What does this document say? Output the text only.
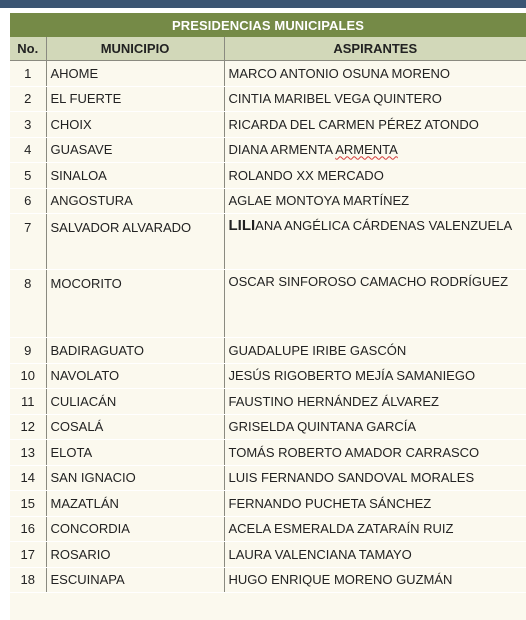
PRESIDENCIAS MUNICIPALES		
No.	MUNICIPIO	ASPIRANTES
1	AHOME	MARCO ANTONIO OSUNA MORENO
2	EL FUERTE	CINTIA MARIBEL VEGA QUINTERO
3	CHOIX	RICARDA DEL CARMEN PÉREZ ATONDO
4	GUASAVE	DIANA ARMENTA ARMENTA
5	SINALOA	ROLANDO XX MERCADO
6	ANGOSTURA	AGLAE MONTOYA MARTÍNEZ
7	SALVADOR ALVARADO	LILIANA ANGÉLICA CÁRDENAS VALENZUELA
8	MOCORITO	OSCAR SINFOROSO CAMACHO RODRÍGUEZ
9	BADIRAGUATO	GUADALUPE IRIBE GASCÓN
10	NAVOLATO	JESÚS RIGOBERTO MEJÍA SAMANIEGO
11	CULIACÁN	FAUSTINO HERNÁNDEZ ÁLVAREZ
12	COSALÁ	GRISELDA QUINTANA GARCÍA
13	ELOTA	TOMÁS ROBERTO AMADOR CARRASCO
14	SAN IGNACIO	LUIS FERNANDO SANDOVAL MORALES
15	MAZATLÁN	FERNANDO PUCHETA SÁNCHEZ
16	CONCORDIA	ACELA ESMERALDA ZATARAÍN RUIZ
17	ROSARIO	LAURA VALENCIANA TAMAYO
18	ESCUINAPA	HUGO ENRIQUE MORENO GUZMÁN
